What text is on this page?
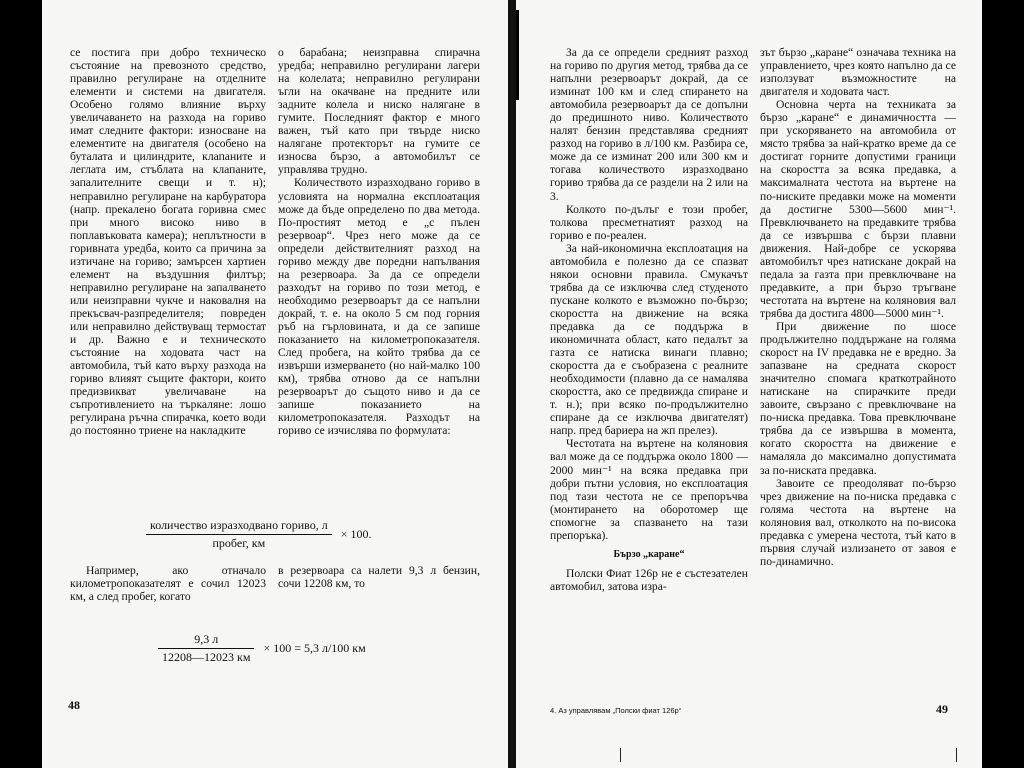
се постига при добро техническо състояние на превозното средство, правилно регулиране на отделните елементи и системи на двигателя. Особено голямо влияние върху увеличаването на разхода на гориво имат следните фактори: износване на елементите на двигателя (особено на буталата и цилиндрите, клапаните и леглата им, стъблата на клапаните, запалителните свещи и т. н); неправилно регулиране на карбуратора (напр. прекалено богата горивна смес при много високо ниво в поплавъковата камера); неплътности в горивната уредба, които са причина за изтичане на гориво; замърсен хартиен елемент на въздушния филтър; неправилно регулиране на запалването или неизправни чукче и наковалня на прекъсвач-разпределителя; повреден или неправилно действуващ термостат и др. Важно е и техническото състояние на ходовата част на автомобила, тъй като върху разхода на гориво влияят същите фактори, които предизвикват увеличаване на съпротивлението на търкаляне: лошо регулирана ръчна спирачка, което води до постоянно триене на накладките

о барабана; неизправна спирачна уредба; неправилно регулирани лагери на колелата; неправилно регулирани ъгли на окачване на предните или задните колела и ниско налягане в гумите. Последният фактор е много важен, тъй като при твърде ниско налягане протекторът на гумите се износва бързо, а автомобилът се управлява трудно.

Количеството изразходвано гориво в условията на нормална експлоатация може да бъде определено по два метода. По-простият метод е „с пълен резервоар“. Чрез него може да се определи действителният разход на гориво между две поредни напълвания на резервоара. За да се определи разходът на гориво по този метод, е необходимо резервоарът да се напълни докрай, т. е. на около 5 см под горния ръб на гърловината, и да се запише показанието на километропоказателя. След пробега, на който трябва да се извърши измерването (но най-малко 100 км), трябва отново да се напълни резервоарът до същото ниво и да се запише показанието на километропоказателя. Разходът на гориво се изчислява по формулата:

$\frac{\text{количество изразходвано гориво, л}}{\text{пробег, км}} \times 100$.

Например, ако отначало километропоказателят е сочил 12023 км, а след пробег, когато

в резервоара са налети 9,3 л бензин, сочи 12208 км, то

$\frac{9,3 л}{12208—12023 км} \times 100 = 5,3$ л/100 км
48

За да се определи средният разход на гориво по другия метод, трябва да се напълни резервоарът докрай, да се изминат 100 км и след спирането на автомобила резервоарът да се допълни до предишното ниво. Количеството налят бензин представлява средният разход на гориво в л/100 км. Разбира се, може да се изминат 200 или 300 км и тогава количеството изразходвано гориво трябва да се раздели на 2 или на 3.

Колкото по-дълъг е този пробег, толкова преcметнатият разход на гориво е по-реален.

За най-икономична експлоатация на автомобила е полезно да се спазват някои основни правила. Смукачът трябва да се изключва след студеното пускане колкото е възможно по-бързо; скоростта на движение на всяка предавка да се поддържа в икономичната област, като педалът за газта се натиска винаги плавно; скоростта да е съобразена с реалните необходимости (плавно да се намалява скоростта, ако се предвижда спиране и т. н.); при всяко по-продължително спиране да се изключва двигателят) напр. пред бариера на жп прелез).

Честотата на въртене на коляновия вал може да се поддържа около 1800 — 2000 мин⁻¹ на всяка предавка при добри пътни условия, но експлоатация под тази честота не се препоръчва (монтирането на оборотомер ще спомогне за спазването на тази препоръка).

Бързо „каране“

Полски Фиат 126р не е състезателен автомобил, затова изра-

зът бързо „каране“ означава техника на управлението, чрез която напълно да се използуват възможностите на двигателя и ходовата част.

Основна черта на техниката за бързо „каране“ е динамичността — при ускоряването на автомобила от място трябва за най-кратко време да се достигат горните допустими граници на скоростта за всяка предавка, а максималната честота на въртене на по-ниските предавки може на моменти да достигне 5300—5600 мин⁻¹. Превключването на предавките трябва да се извършва с бързи плавни движения. Най-добре се ускорява автомобилът чрез натискане докрай на педала за газта при превключване на предавките, а при бързо тръгване честотата на въртене на коляновия вал трябва да достига 4800—5000 мин⁻¹.

При движение по шосе продължително поддържане на голяма скорост на IV предавка не е вредно. За запазване на средната скорост значително спомага краткотрайното натискане на спирачките преди завоите, свързано с превключване на по-ниска предавка. Това превключване трябва да се извършва в момента, когато скоростта на движение е намаляла до максимално допустимата за по-ниската предавка.

Завоите се преодоляват по-бързо чрез движение на по-ниска предавка с голяма честота на въртене на коляновия вал, отколкото на по-висока предавка с умерена честота, тъй като в първия случай излизането от завоя е по-динамично.

4. Аз управлявам „Полски фиат 126р“	49
